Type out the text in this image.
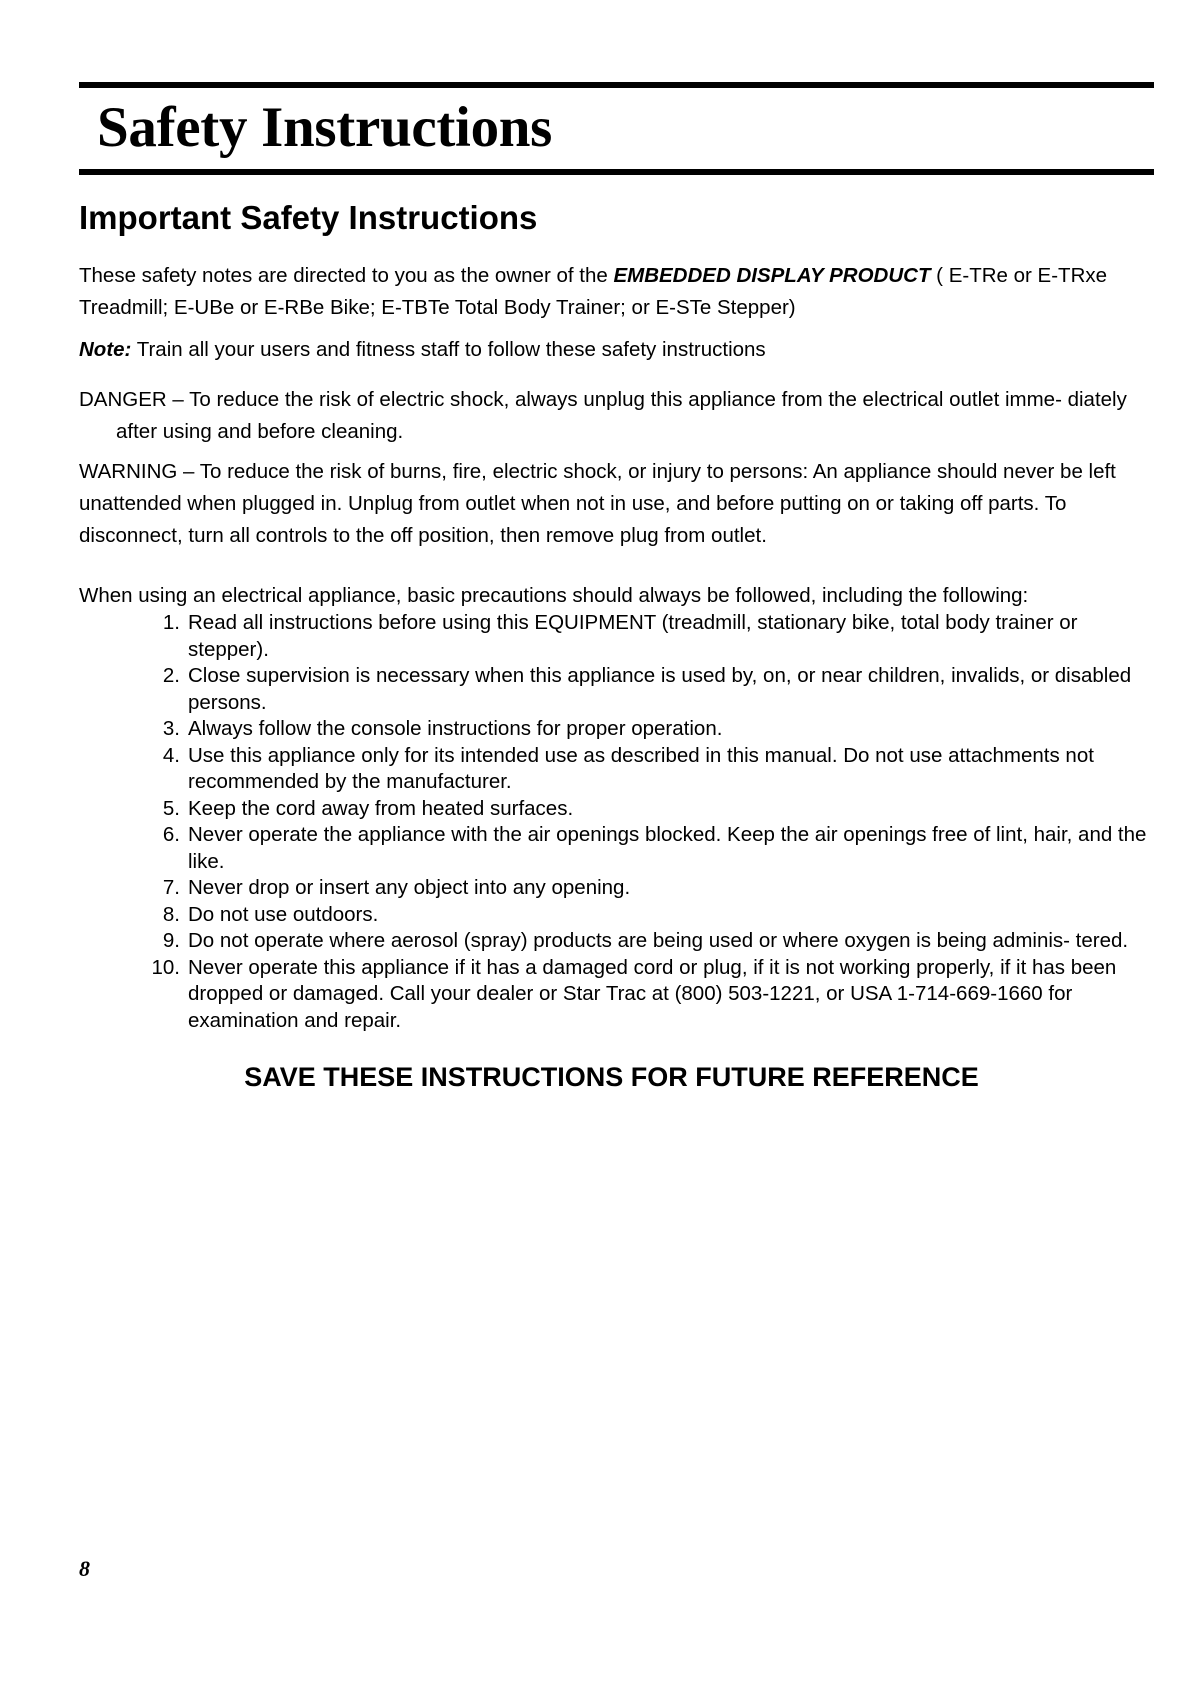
Safety Instructions
Important Safety Instructions

These safety notes are directed to you as the owner of the EMBEDDED DISPLAY PRODUCT ( E-TRe or E-TRxe Treadmill; E-UBe or E-RBe Bike; E-TBTe Total Body Trainer; or E-STe Stepper)

Note: Train all your users and fitness staff to follow these safety instructions

DANGER – To reduce the risk of electric shock, always unplug this appliance from the electrical outlet imme- diately after using and before cleaning.

WARNING – To reduce the risk of burns, fire, electric shock, or injury to persons: An appliance should never be left unattended when plugged in. Unplug from outlet when not in use, and before putting on or taking off parts. To disconnect, turn all controls to the off position, then remove plug from outlet.

When using an electrical appliance, basic precautions should always be followed, including the following:

1. Read all instructions before using this EQUIPMENT (treadmill, stationary bike, total body trainer or stepper).
2. Close supervision is necessary when this appliance is used by, on, or near children, invalids, or disabled persons.
3. Always follow the console instructions for proper operation.
4. Use this appliance only for its intended use as described in this manual. Do not use attachments not recommended by the manufacturer.
5. Keep the cord away from heated surfaces.
6. Never operate the appliance with the air openings blocked. Keep the air openings free of lint, hair, and the like.
7. Never drop or insert any object into any opening.
8. Do not use outdoors.
9. Do not operate where aerosol (spray) products are being used or where oxygen is being adminis- tered.
10. Never operate this appliance if it has a damaged cord or plug, if it is not working properly, if it has been dropped or damaged. Call your dealer or Star Trac at (800) 503-1221, or USA 1-714-669-1660 for examination and repair.

SAVE THESE INSTRUCTIONS FOR FUTURE REFERENCE

8
